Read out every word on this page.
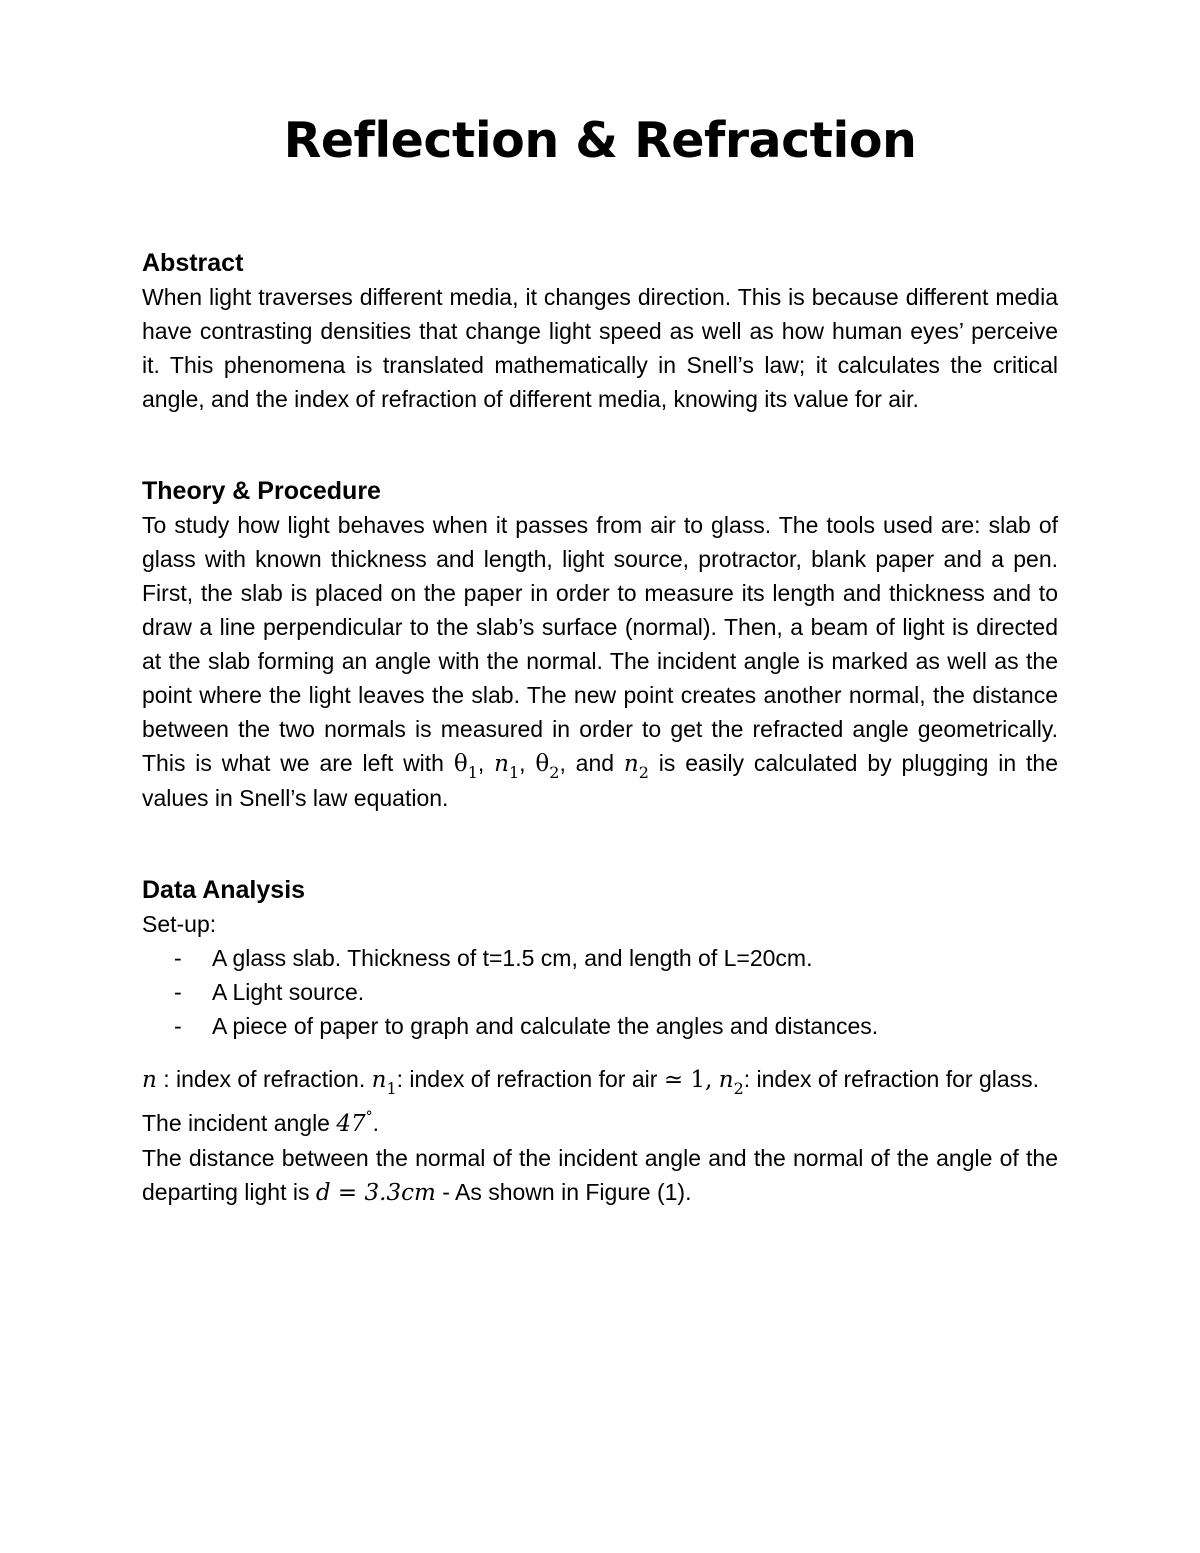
Reflection & Refraction
Abstract

When light traverses different media, it changes direction. This is because different media have contrasting densities that change light speed as well as how human eyes’ perceive it. This phenomena is translated mathematically in Snell’s law; it calculates the critical angle, and the index of refraction of different media, knowing its value for air.

Theory & Procedure

To study how light behaves when it passes from air to glass. The tools used are: slab of glass with known thickness and length, light source, protractor, blank paper and a pen. First, the slab is placed on the paper in order to measure its length and thickness and to draw a line perpendicular to the slab’s surface (normal). Then, a beam of light is directed at the slab forming an angle with the normal. The incident angle is marked as well as the point where the light leaves the slab. The new point creates another normal, the distance between the two normals is measured in order to get the refracted angle geometrically. This is what we are left with $\theta_1$, $n_1$, $\theta_2$, and $n_2$ is easily calculated by plugging in the values in Snell’s law equation.

Data Analysis

Set-up:

- A glass slab. Thickness of t=1.5 cm, and length of L=20cm.
- A Light source.
- A piece of paper to graph and calculate the angles and distances.

n : index of refraction. $n_1$: index of refraction for air ≃ 1, $n_2$: index of refraction for glass.

The incident angle 47°.

The distance between the normal of the incident angle and the normal of the angle of the departing light is d = 3.3cm - As shown in Figure (1).
